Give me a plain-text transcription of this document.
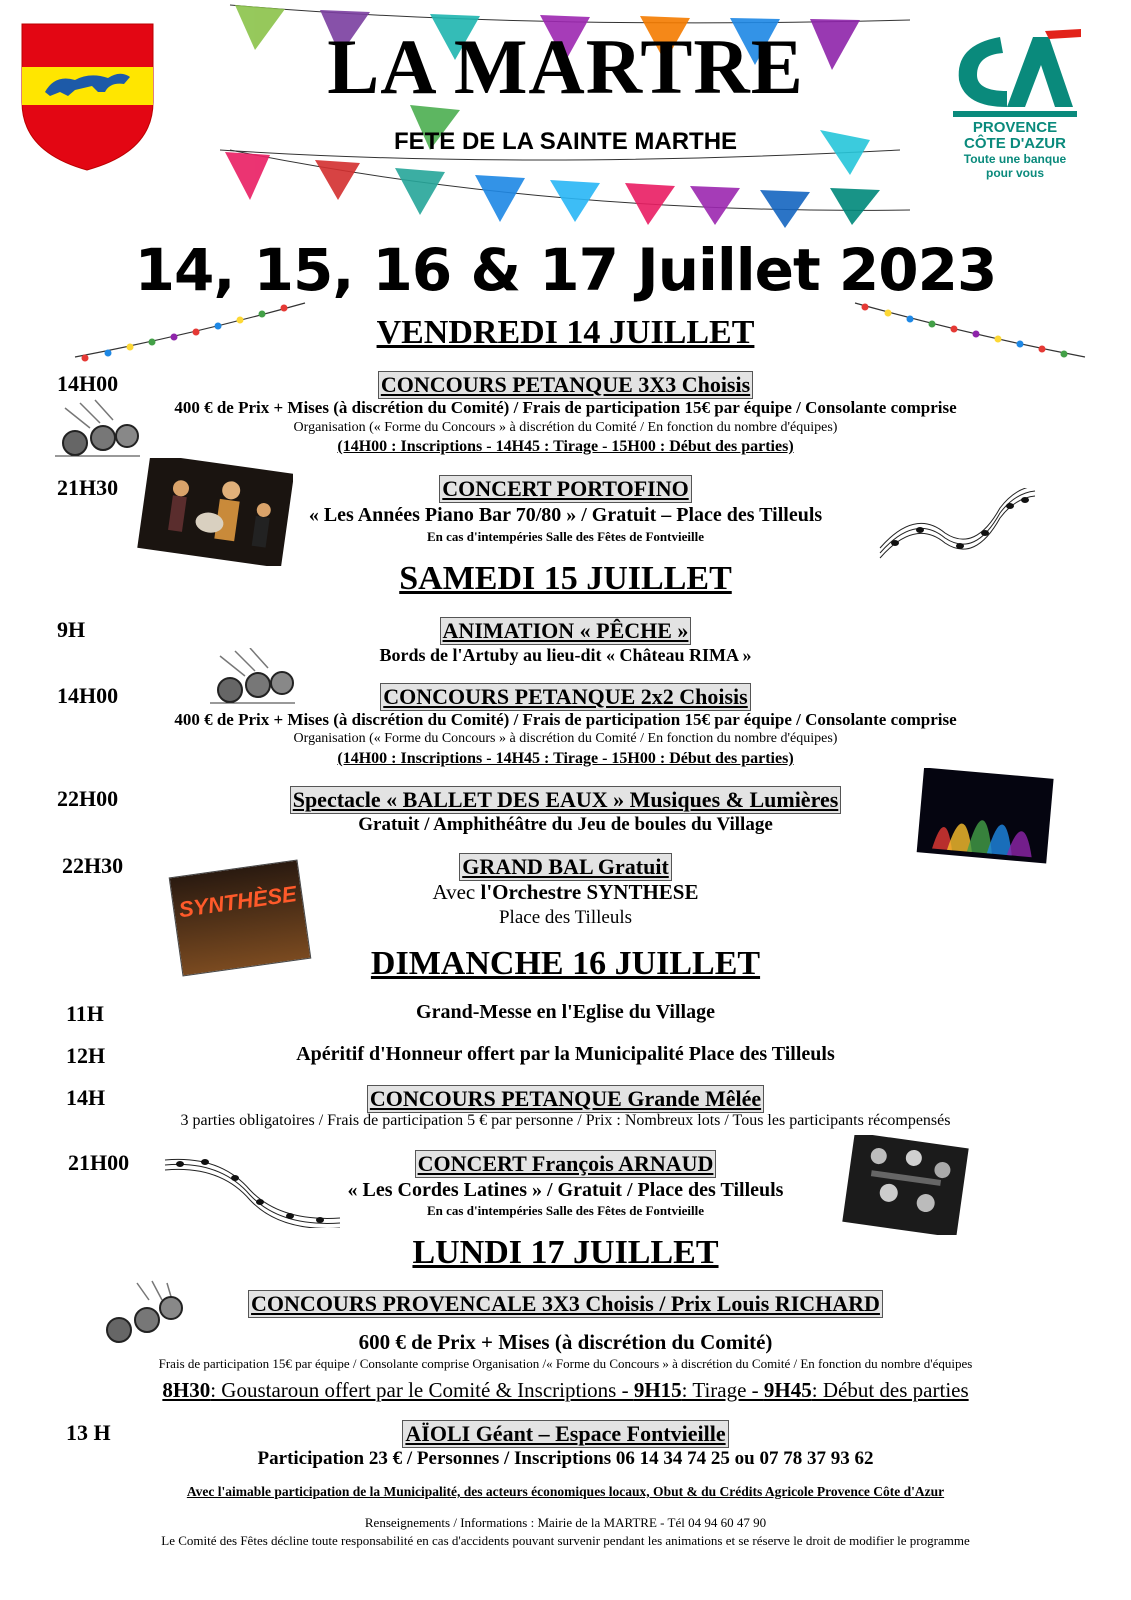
PROVENCE
CÔTE D'AZUR
Toute une banque
pour vous
LA MARTRE
FETE DE LA SAINTE MARTHE
14, 15, 16 & 17 Juillet 2023
VENDREDI 14 JUILLET
14H00	CONCOURS PETANQUE 3X3 Choisis
400 € de Prix + Mises (à discrétion du Comité) / Frais de participation 15€ par équipe / Consolante comprise
Organisation (« Forme du Concours » à discrétion du Comité / En fonction du nombre d'équipes)
(14H00 : Inscriptions - 14H45 : Tirage - 15H00 : Début des parties)
21H30	CONCERT PORTOFINO
« Les Années Piano Bar 70/80 » / Gratuit – Place des Tilleuls
En cas d'intempéries Salle des Fêtes de Fontvieille
SAMEDI 15 JUILLET
9H	ANIMATION « PÊCHE »
Bords de l'Artuby au lieu-dit « Château RIMA »
14H00	CONCOURS PETANQUE 2x2 Choisis
400 € de Prix + Mises (à discrétion du Comité) / Frais de participation 15€ par équipe / Consolante comprise
Organisation (« Forme du Concours » à discrétion du Comité / En fonction du nombre d'équipes)
(14H00 : Inscriptions - 14H45 : Tirage - 15H00 : Début des parties)
22H00	Spectacle « BALLET DES EAUX » Musiques & Lumières
Gratuit / Amphithéâtre du Jeu de boules du Village
22H30	GRAND BAL Gratuit
Avec l'Orchestre SYNTHESE
Place des Tilleuls
SYNTHÈSE
DIMANCHE 16 JUILLET
11H	Grand-Messe en l'Eglise du Village
12H	Apéritif d'Honneur offert par la Municipalité Place des Tilleuls
14H	CONCOURS PETANQUE Grande Mêlée
3 parties obligatoires / Frais de participation 5 € par personne / Prix : Nombreux lots / Tous les participants récompensés
21H00	CONCERT François ARNAUD
« Les Cordes Latines » / Gratuit / Place des Tilleuls
En cas d'intempéries Salle des Fêtes de Fontvieille
LUNDI 17 JUILLET
CONCOURS PROVENCALE 3X3 Choisis / Prix Louis RICHARD
600 € de Prix + Mises (à discrétion du Comité)
Frais de participation 15€ par équipe / Consolante comprise Organisation /« Forme du Concours » à discrétion du Comité / En fonction du nombre d'équipes
8H30: Goustaroun offert par le Comité & Inscriptions - 9H15: Tirage - 9H45: Début des parties
13 H	AÏOLI Géant – Espace Fontvieille
Participation 23 € / Personnes / Inscriptions 06 14 34 74 25 ou 07 78 37 93 62
Avec l'aimable participation de la Municipalité, des acteurs économiques locaux, Obut & du Crédits Agricole Provence Côte d'Azur
Renseignements / Informations : Mairie de la MARTRE - Tél 04 94 60 47 90
Le Comité des Fêtes décline toute responsabilité en cas d'accidents pouvant survenir pendant les animations et se réserve le droit de modifier le programme
